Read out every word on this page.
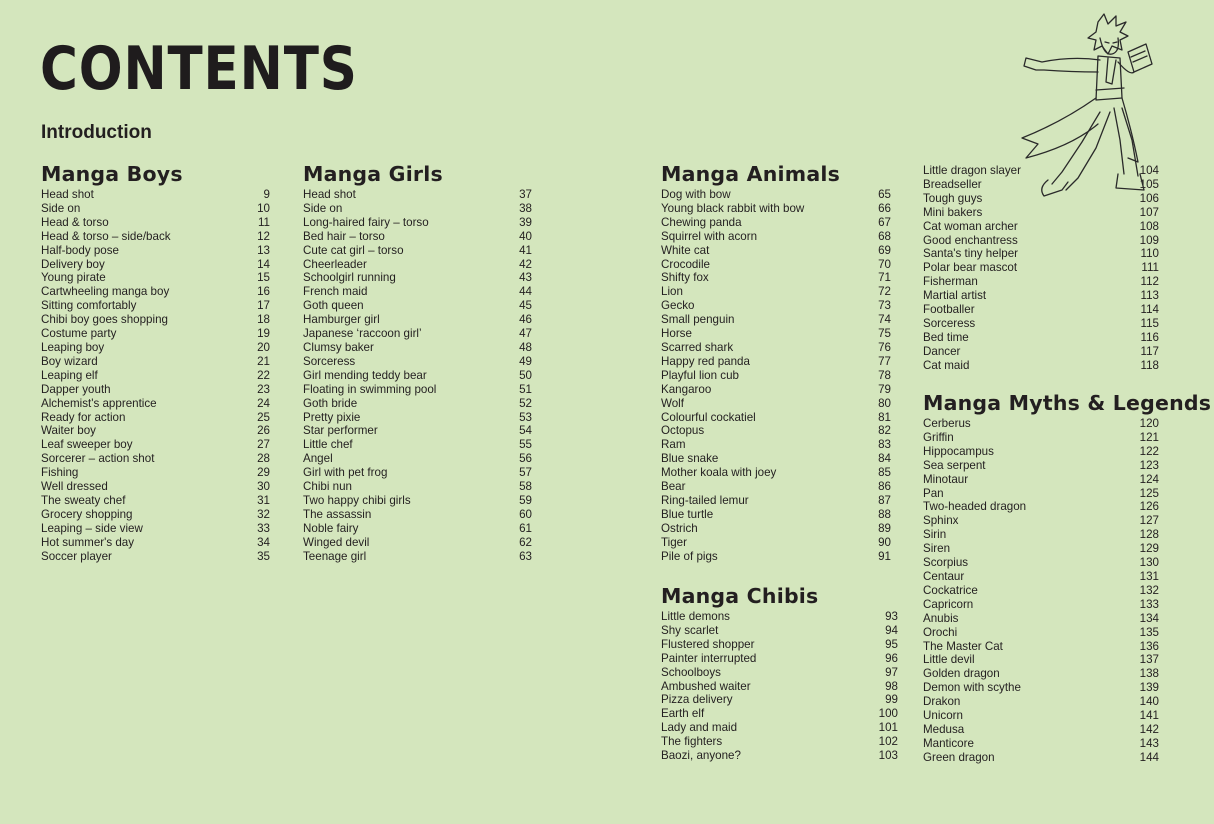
CONTENTS
Introduction
Manga Boys
Head shot	9
Side on	10
Head & torso	11
Head & torso – side/back	12
Half-body pose	13
Delivery boy	14
Young pirate	15
Cartwheeling manga boy	16
Sitting comfortably	17
Chibi boy goes shopping	18
Costume party	19
Leaping boy	20
Boy wizard	21
Leaping elf	22
Dapper youth	23
Alchemist's apprentice	24
Ready for action	25
Waiter boy	26
Leaf sweeper boy	27
Sorcerer – action shot	28
Fishing	29
Well dressed	30
The sweaty chef	31
Grocery shopping	32
Leaping – side view	33
Hot summer's day	34
Soccer player	35
Manga Girls
Head shot	37
Side on	38
Long-haired fairy – torso	39
Bed hair – torso	40
Cute cat girl – torso	41
Cheerleader	42
Schoolgirl running	43
French maid	44
Goth queen	45
Hamburger girl	46
Japanese ‘raccoon girl’	47
Clumsy baker	48
Sorceress	49
Girl mending teddy bear	50
Floating in swimming pool	51
Goth bride	52
Pretty pixie	53
Star performer	54
Little chef	55
Angel	56
Girl with pet frog	57
Chibi nun	58
Two happy chibi girls	59
The assassin	60
Noble fairy	61
Winged devil	62
Teenage girl	63
Manga Animals
Dog with bow	65
Young black rabbit with bow	66
Chewing panda	67
Squirrel with acorn	68
White cat	69
Crocodile	70
Shifty fox	71
Lion	72
Gecko	73
Small penguin	74
Horse	75
Scarred shark	76
Happy red panda	77
Playful lion cub	78
Kangaroo	79
Wolf	80
Colourful cockatiel	81
Octopus	82
Ram	83
Blue snake	84
Mother koala with joey	85
Bear	86
Ring-tailed lemur	87
Blue turtle	88
Ostrich	89
Tiger	90
Pile of pigs	91
Manga Chibis
Little demons	93
Shy scarlet	94
Flustered shopper	95
Painter interrupted	96
Schoolboys	97
Ambushed waiter	98
Pizza delivery	99
Earth elf	100
Lady and maid	101
The fighters	102
Baozi, anyone?	103
Little dragon slayer	104
Breadseller	105
Tough guys	106
Mini bakers	107
Cat woman archer	108
Good enchantress	109
Santa's tiny helper	110
Polar bear mascot	111
Fisherman	112
Martial artist	113
Footballer	114
Sorceress	115
Bed time	116
Dancer	117
Cat maid	118
Manga Myths & Legends
Cerberus	120
Griffin	121
Hippocampus	122
Sea serpent	123
Minotaur	124
Pan	125
Two-headed dragon	126
Sphinx	127
Sirin	128
Siren	129
Scorpius	130
Centaur	131
Cockatrice	132
Capricorn	133
Anubis	134
Orochi	135
The Master Cat	136
Little devil	137
Golden dragon	138
Demon with scythe	139
Drakon	140
Unicorn	141
Medusa	142
Manticore	143
Green dragon	144
